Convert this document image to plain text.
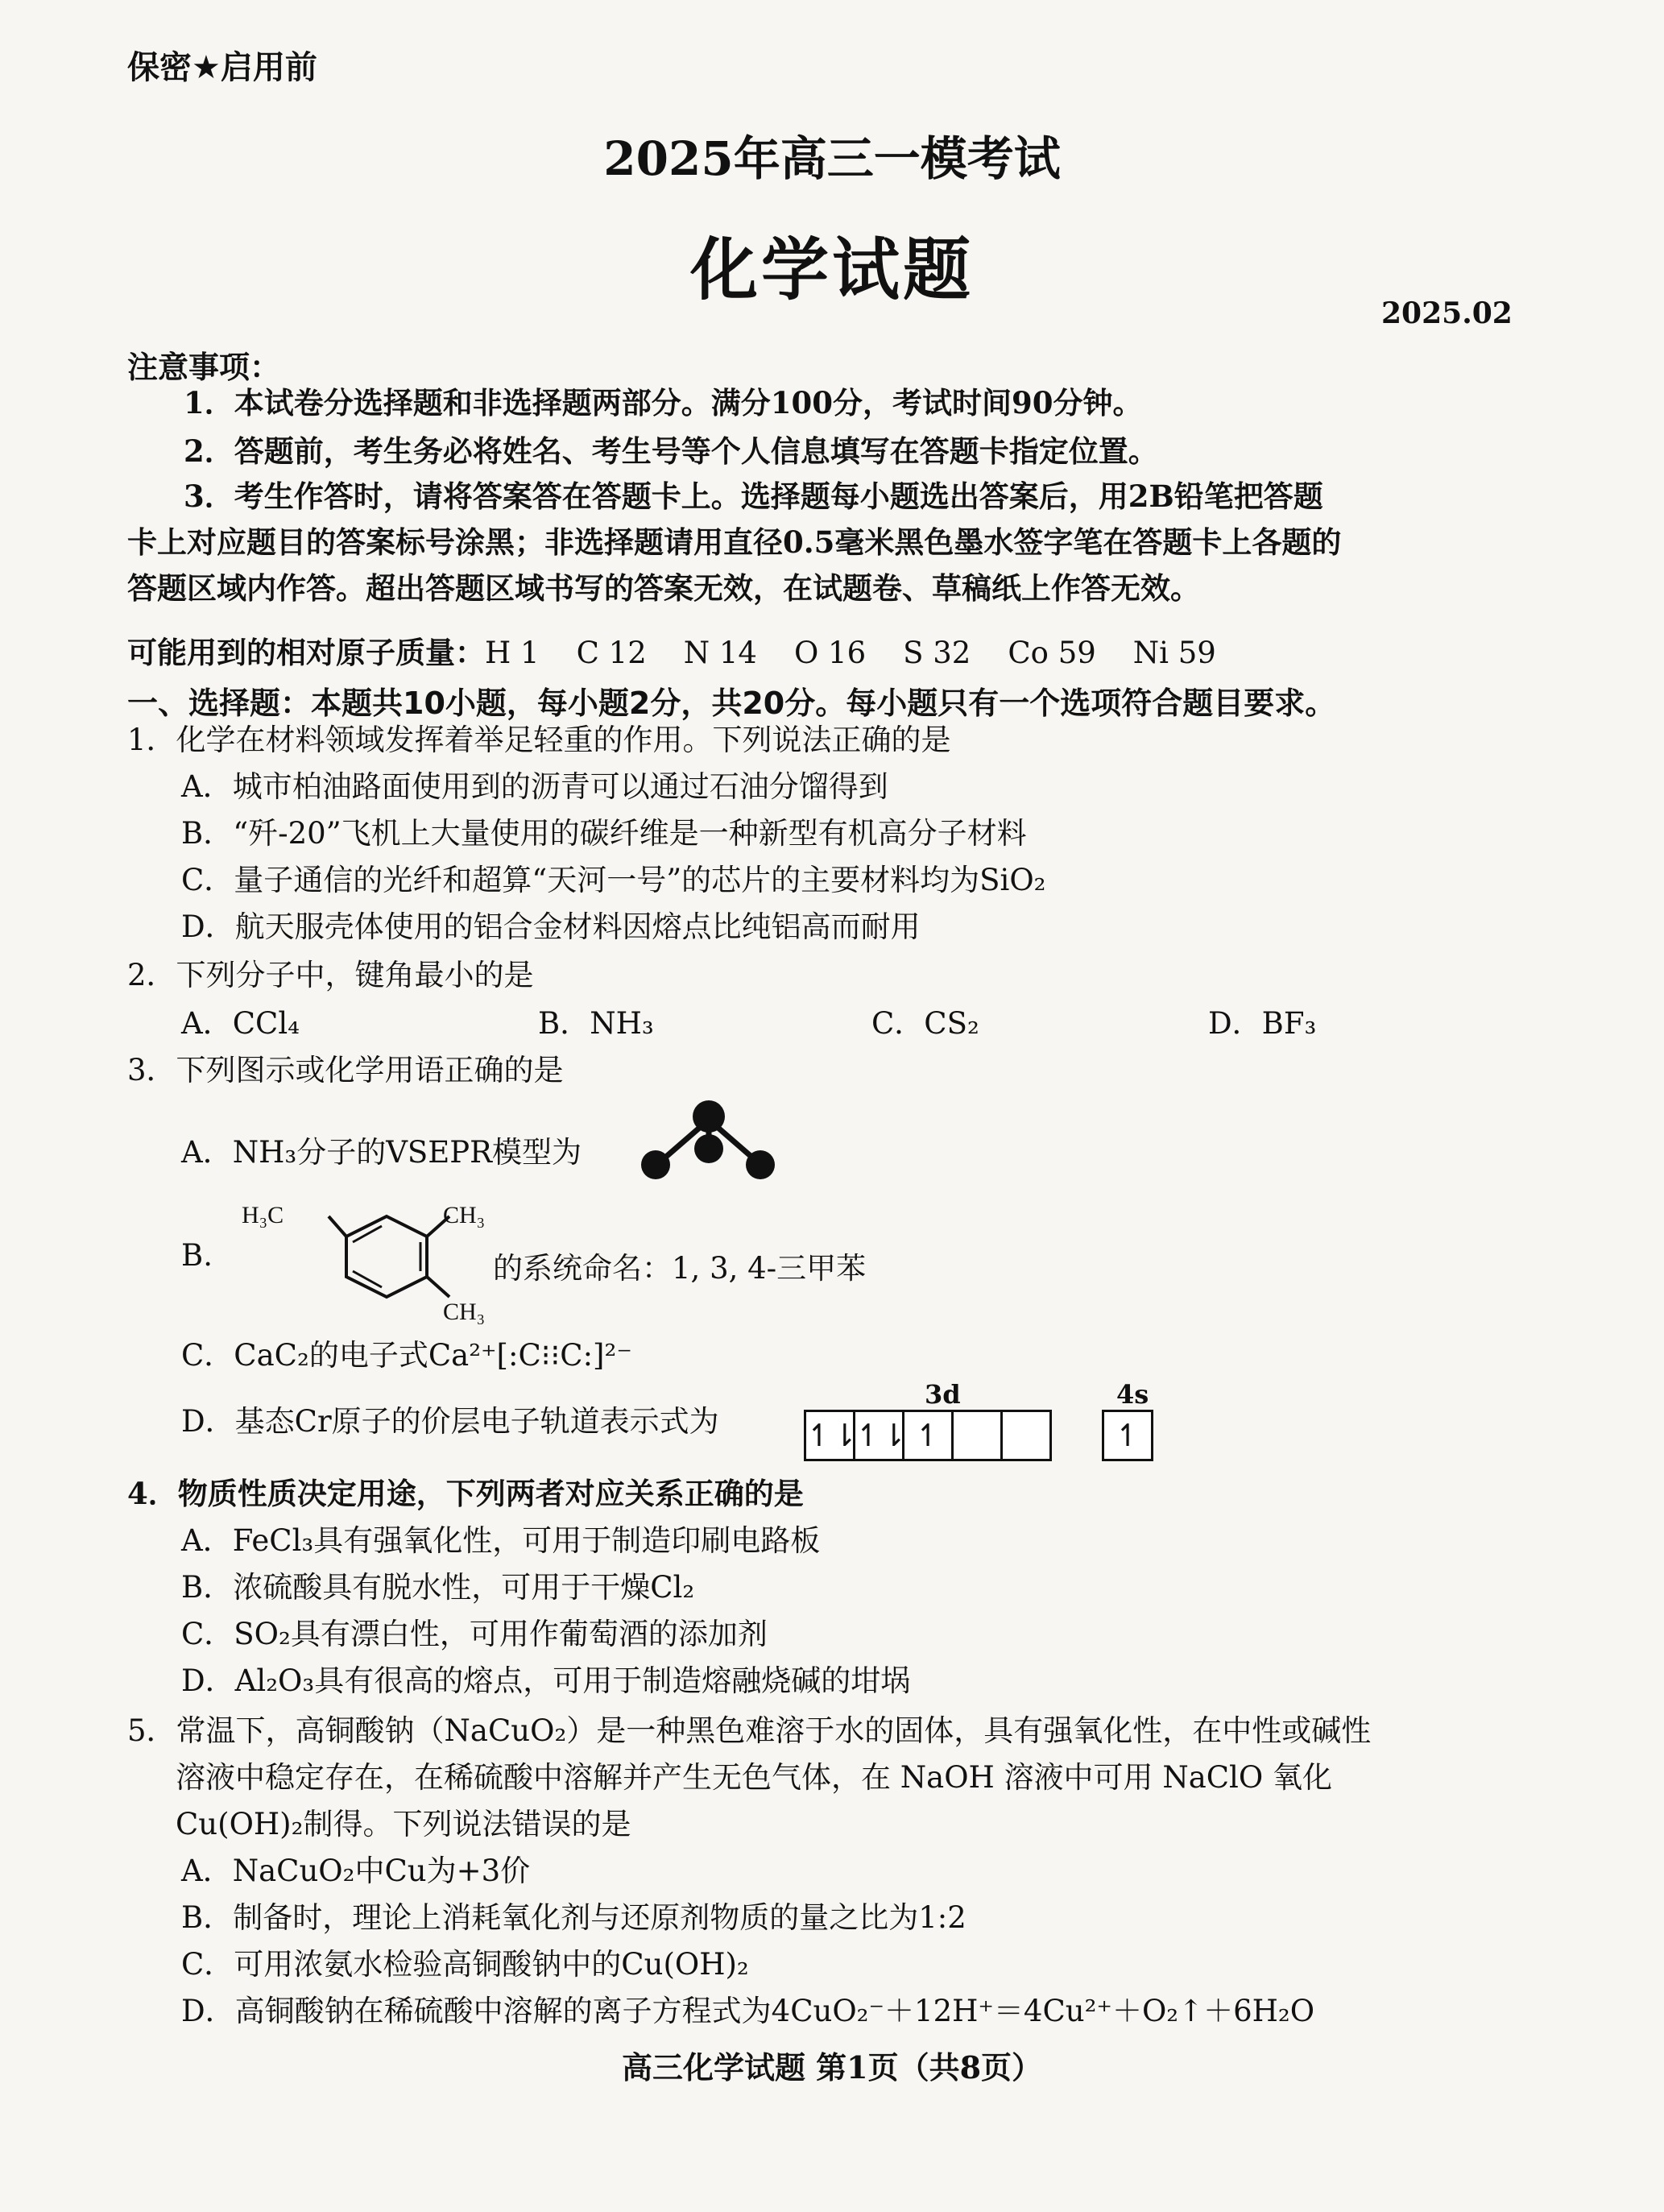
保密★启用前
2025年高三一模考试
化学试题
2025.02
注意事项：
1．本试卷分选择题和非选择题两部分。满分100分，考试时间90分钟。
2．答题前，考生务必将姓名、考生号等个人信息填写在答题卡指定位置。
3．考生作答时，请将答案答在答题卡上。选择题每小题选出答案后，用2B铅笔把答题
卡上对应题目的答案标号涂黑；非选择题请用直径0.5毫米黑色墨水签字笔在答题卡上各题的
答题区域内作答。超出答题区域书写的答案无效，在试题卷、草稿纸上作答无效。
可能用到的相对原子质量：H 1 C 12 N 14 O 16 S 32 Co 59 Ni 59
一、选择题：本题共10小题，每小题2分，共20分。每小题只有一个选项符合题目要求。
1．化学在材料领域发挥着举足轻重的作用。下列说法正确的是
A．城市柏油路面使用到的沥青可以通过石油分馏得到
B．“歼-20”飞机上大量使用的碳纤维是一种新型有机高分子材料
C．量子通信的光纤和超算“天河一号”的芯片的主要材料均为SiO₂
D．航天服壳体使用的铝合金材料因熔点比纯铝高而耐用
2．下列分子中，键角最小的是
A．CCl₄	B．NH₃	C．CS₂	D．BF₃
3．下列图示或化学用语正确的是
A．NH₃分子的VSEPR模型为
B.
H₃C	CH₃
CH₃
的系统命名：1, 3, 4-三甲苯
C．CaC₂的电子式Ca²⁺[:C⁝⁝C:]²⁻
D．基态Cr原子的价层电子轨道表示式为
3d	4s
↿⇂
↿⇂ ↿	↿
4．物质性质决定用途，下列两者对应关系正确的是
A．FeCl₃具有强氧化性，可用于制造印刷电路板
B．浓硫酸具有脱水性，可用于干燥Cl₂
C．SO₂具有漂白性，可用作葡萄酒的添加剂
D．Al₂O₃具有很高的熔点，可用于制造熔融烧碱的坩埚
5．常温下，高铜酸钠（NaCuO₂）是一种黑色难溶于水的固体，具有强氧化性，在中性或碱性
溶液中稳定存在，在稀硫酸中溶解并产生无色气体，在 NaOH 溶液中可用 NaClO 氧化
Cu(OH)₂制得。下列说法错误的是
A．NaCuO₂中Cu为+3价
B．制备时，理论上消耗氧化剂与还原剂物质的量之比为1:2
C．可用浓氨水检验高铜酸钠中的Cu(OH)₂
D．高铜酸钠在稀硫酸中溶解的离子方程式为4CuO₂⁻＋12H⁺＝4Cu²⁺＋O₂↑＋6H₂O
高三化学试题 第1页（共8页）
